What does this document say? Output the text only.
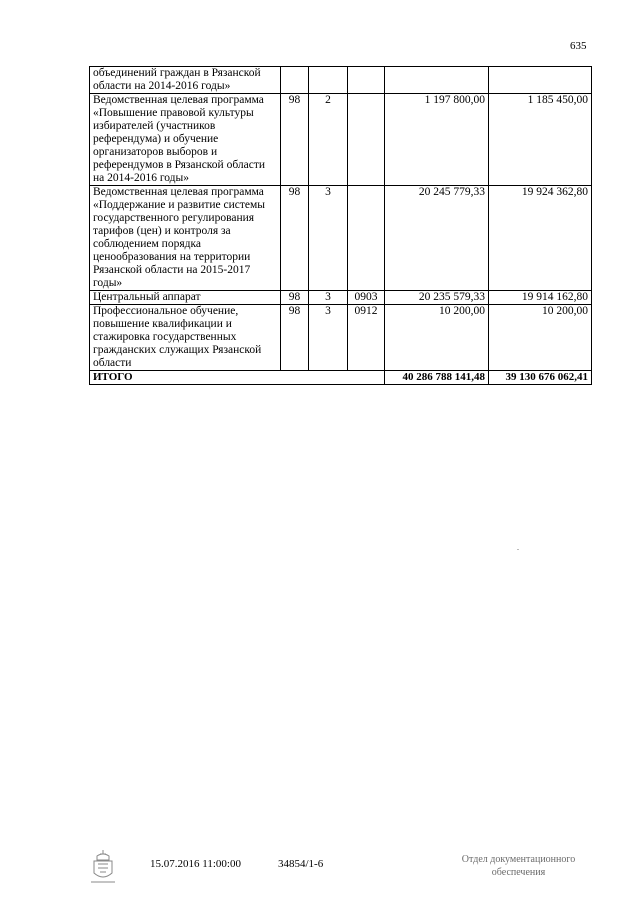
635
объединений граждан в Рязанской области на 2014-2016 годы»					
Ведомственная целевая программа «Повышение правовой культуры избирателей (участников референдума) и обучение организаторов выборов и референдумов в Рязанской области на 2014-2016 годы»	98	2		1 197 800,00	1 185 450,00
Ведомственная целевая программа «Поддержание и развитие системы государственного регулирования тарифов (цен) и контроля за соблюдением порядка ценообразования на территории Рязанской области на 2015-2017 годы»	98	3		20 245 779,33	19 924 362,80
Центральный аппарат	98	3	0903	20 235 579,33	19 914 162,80
Профессиональное обучение, повышение квалификации и стажировка государственных гражданских служащих Рязанской области	98	3	0912	10 200,00	10 200,00
ИТОГО				40 286 788 141,48	39 130 676 062,41
15.07.2016 11:00:00	34854/1-6	Отдел документационного
обеспечения
